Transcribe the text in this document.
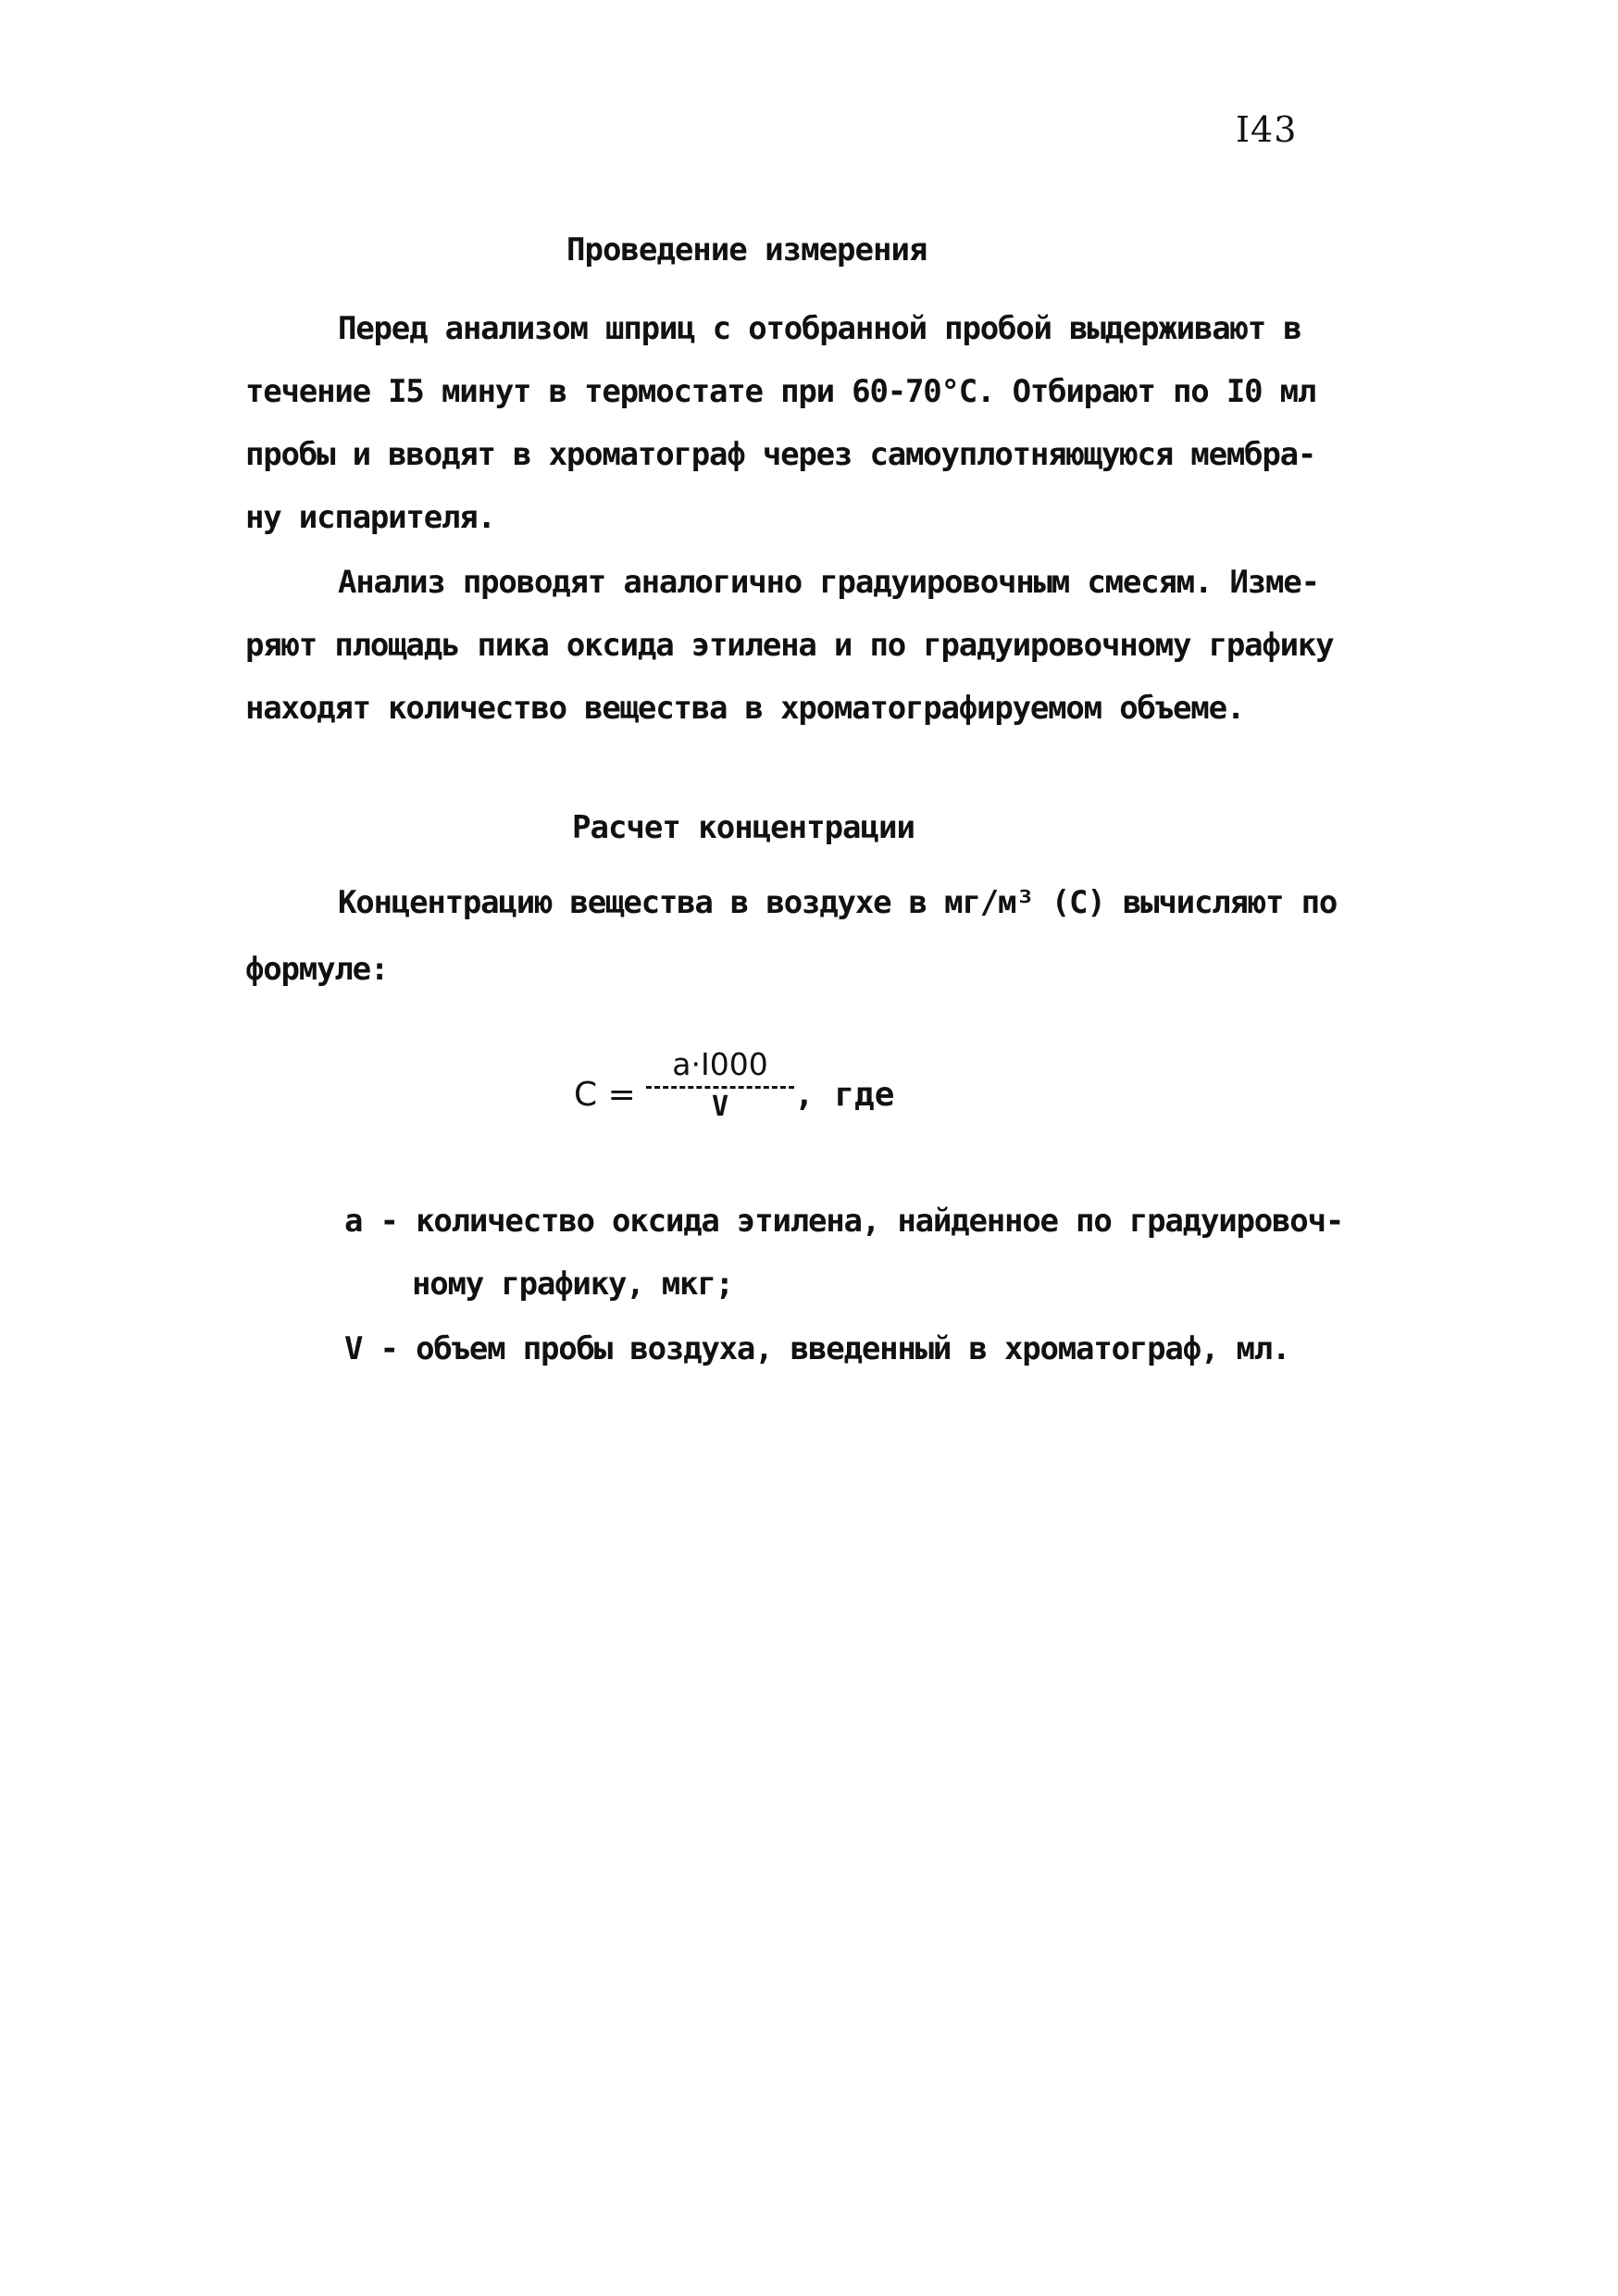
I43
Проведение измерения
Перед анализом шприц с отобранной пробой выдерживают в
течение I5 минут в термостате при 60-70°С. Отбирают по I0 мл
пробы и вводят в хроматограф через самоуплотняющуюся мембра-
ну испарителя.
Анализ проводят аналогично градуировочным смесям. Изме-
ряют площадь пика оксида этилена и по градуировочному графику
находят количество вещества в хроматографируемом объеме.
Расчет концентрации
Концентрацию вещества в воздухе в мг/м³ (С) вычисляют по
формуле:
С =
a·I000
V	, где
а - количество оксида этилена, найденное по градуировоч-
ному графику, мкг;
V - объем пробы воздуха, введенный в хроматограф, мл.
